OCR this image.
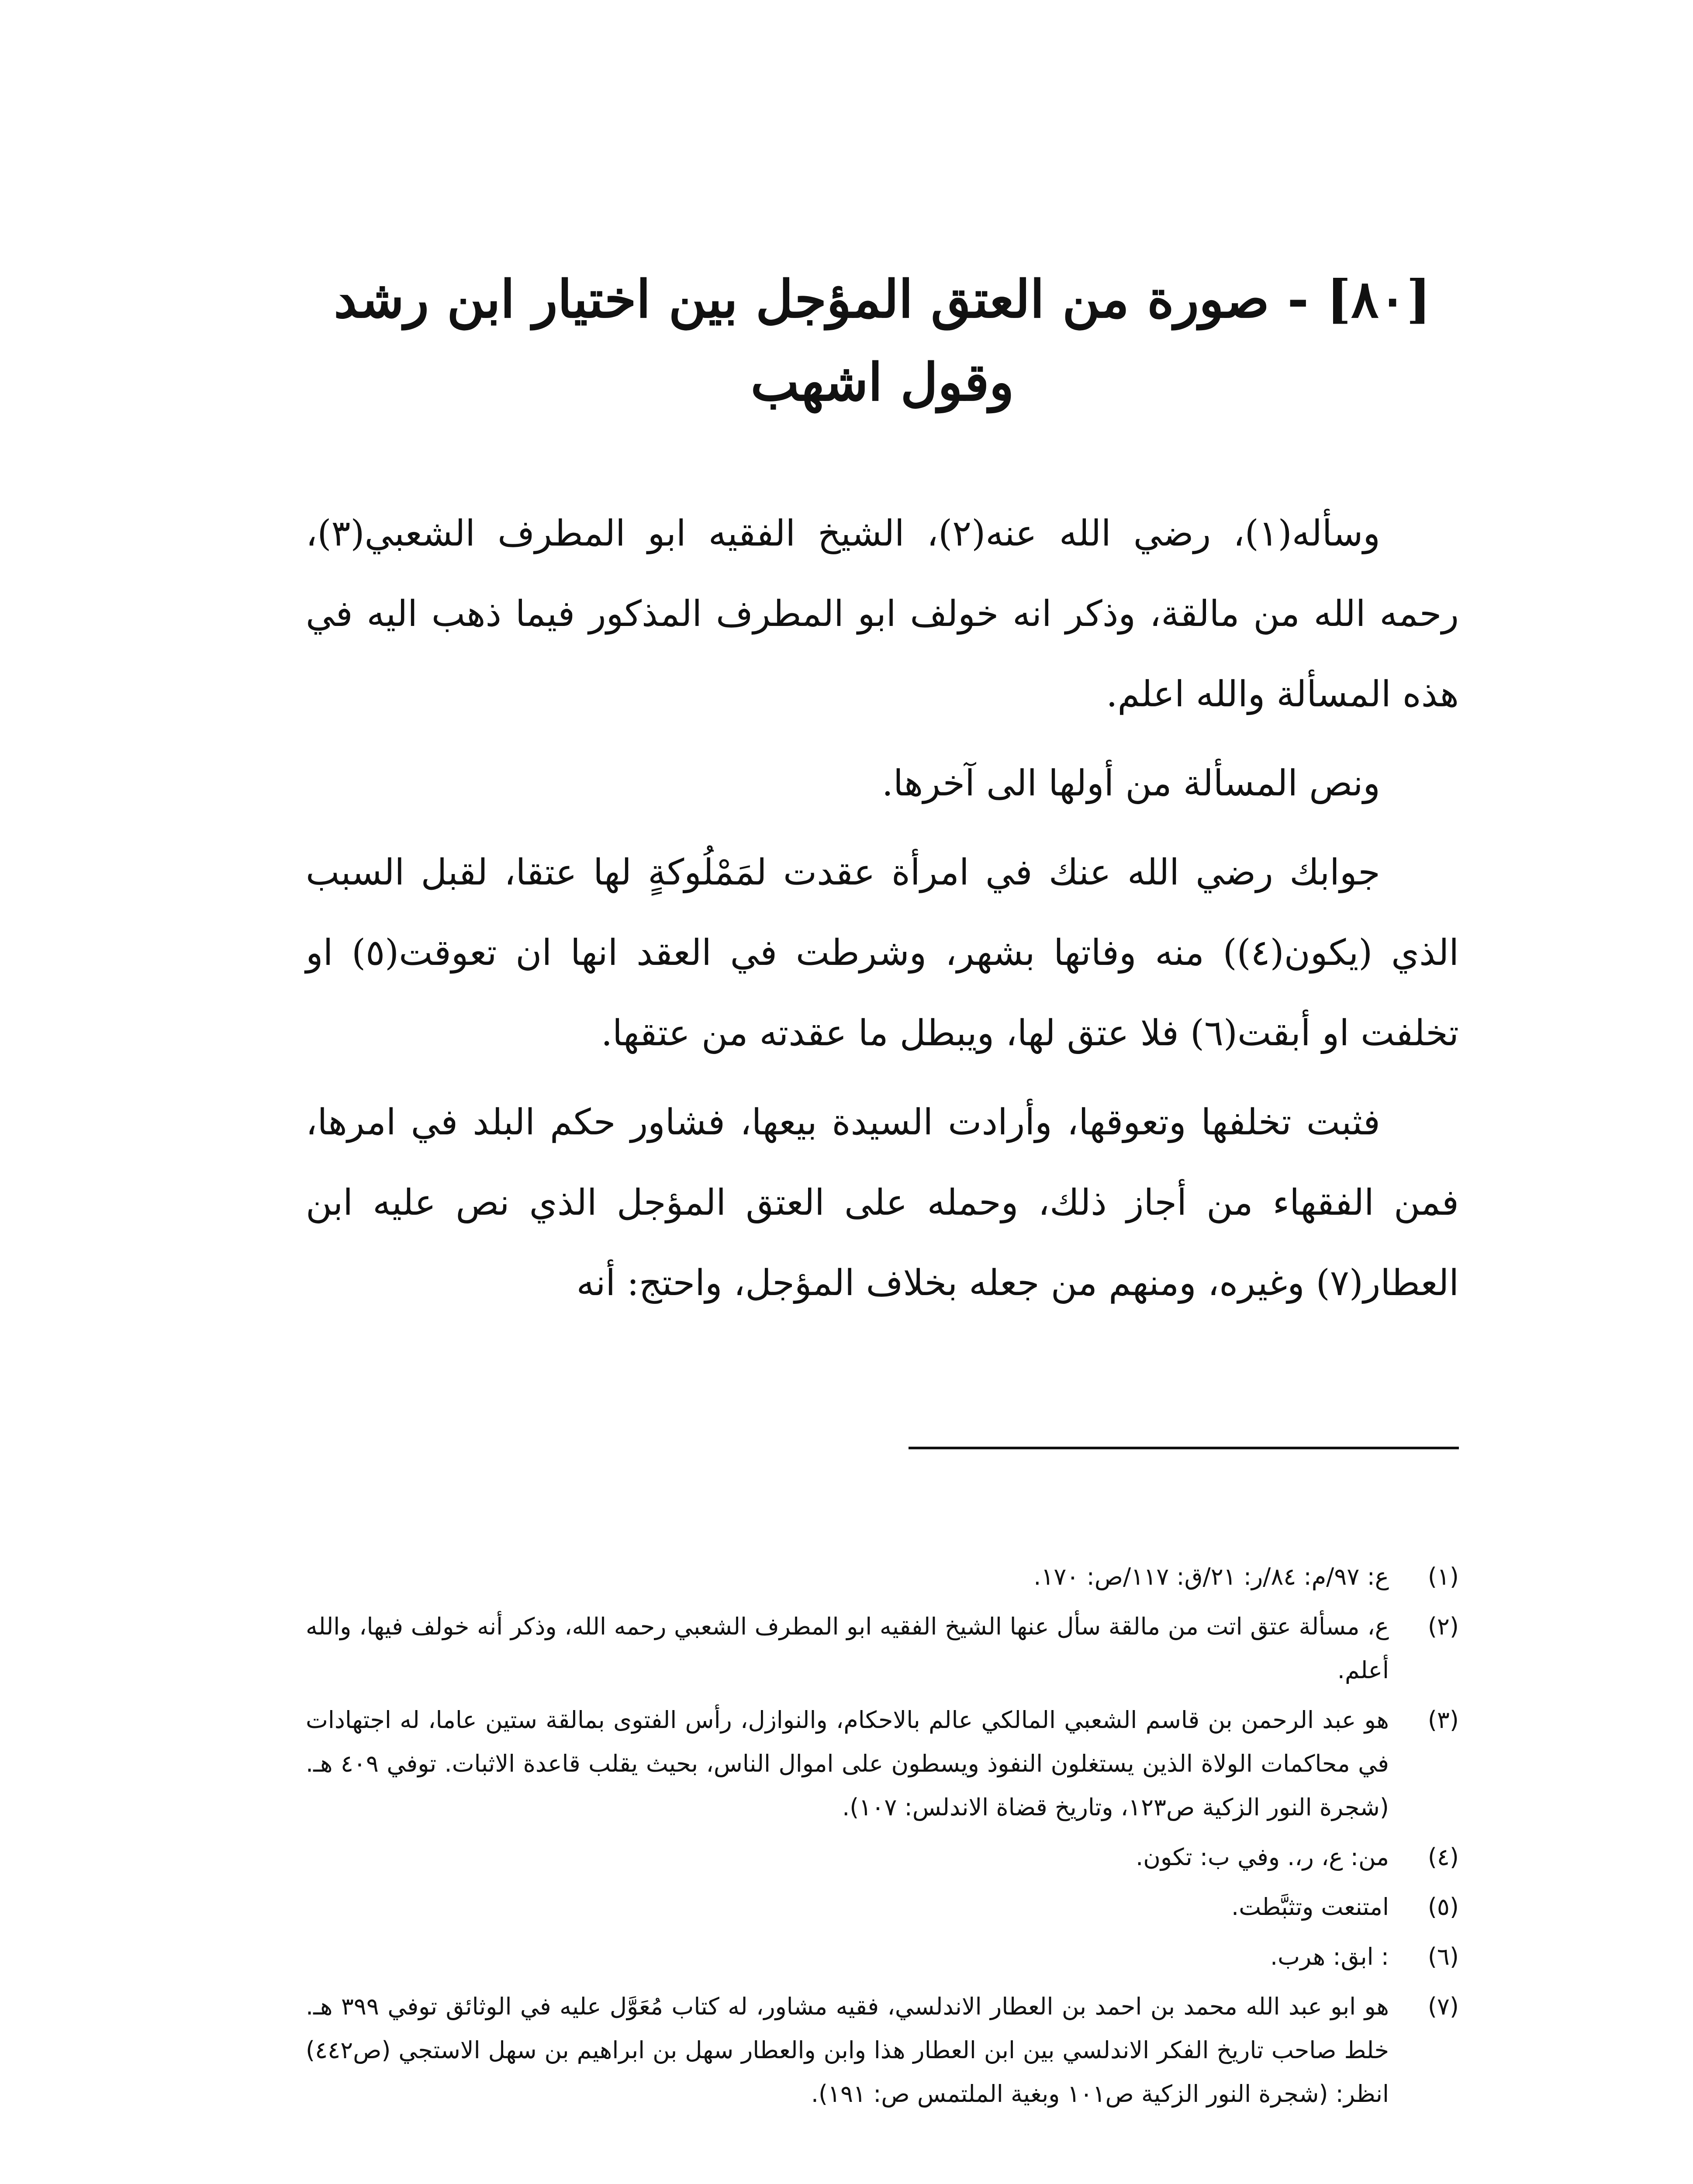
[٨٠] - صورة من العتق المؤجل بين اختيار ابن رشد
وقول اشهب

وسأله(١)، رضي الله عنه(٢)، الشيخ الفقيه ابو المطرف الشعبي(٣)، رحمه الله من مالقة، وذكر انه خولف ابو المطرف المذكور فيما ذهب اليه في هذه المسألة والله اعلم.

ونص المسألة من أولها الى آخرها.

جوابك رضي الله عنك في امرأة عقدت لمَمْلُوكةٍ لها عتقا، لقبل السبب الذي (يكون(٤)) منه وفاتها بشهر، وشرطت في العقد انها ان تعوقت(٥) او تخلفت او أبقت(٦) فلا عتق لها، ويبطل ما عقدته من عتقها.

فثبت تخلفها وتعوقها، وأرادت السيدة بيعها، فشاور حكم البلد في امرها، فمن الفقهاء من أجاز ذلك، وحمله على العتق المؤجل الذي نص عليه ابن العطار(٧) وغيره، ومنهم من جعله بخلاف المؤجل، واحتج: أنه

(١)
ع: ٩٧/م: ٨٤/ر: ٢١/ق: ١١٧/ص: ١٧٠.
(٢)
ع، مسألة عتق اتت من مالقة سأل عنها الشيخ الفقيه ابو المطرف الشعبي رحمه الله، وذكر أنه خولف فيها، والله أعلم.
(٣)
هو عبد الرحمن بن قاسم الشعبي المالكي عالم بالاحكام، والنوازل، رأس الفتوى بمالقة ستين عاما، له اجتهادات في محاكمات الولاة الذين يستغلون النفوذ ويسطون على اموال الناس، بحيث يقلب قاعدة الاثبات. توفي ٤٠٩ هـ.(شجرة النور الزكية ص١٢٣، وتاريخ قضاة الاندلس: ١٠٧).
(٤)
من: ع، ر،. وفي ب: تكون.
(٥)
امتنعت وتثبَّطت.
(٦)
: ابق: هرب.
(٧)
هو ابو عبد الله محمد بن احمد بن العطار الاندلسي، فقيه مشاور، له كتاب مُعَوَّل عليه في الوثائق توفي ٣٩٩ هـ. خلط صاحب تاريخ الفكر الاندلسي بين ابن العطار هذا وابن والعطار سهل بن ابراهيم بن سهل الاستجي (ص٤٤٢) انظر: (شجرة النور الزكية ص١٠١ وبغية الملتمس ص: ١٩١).
